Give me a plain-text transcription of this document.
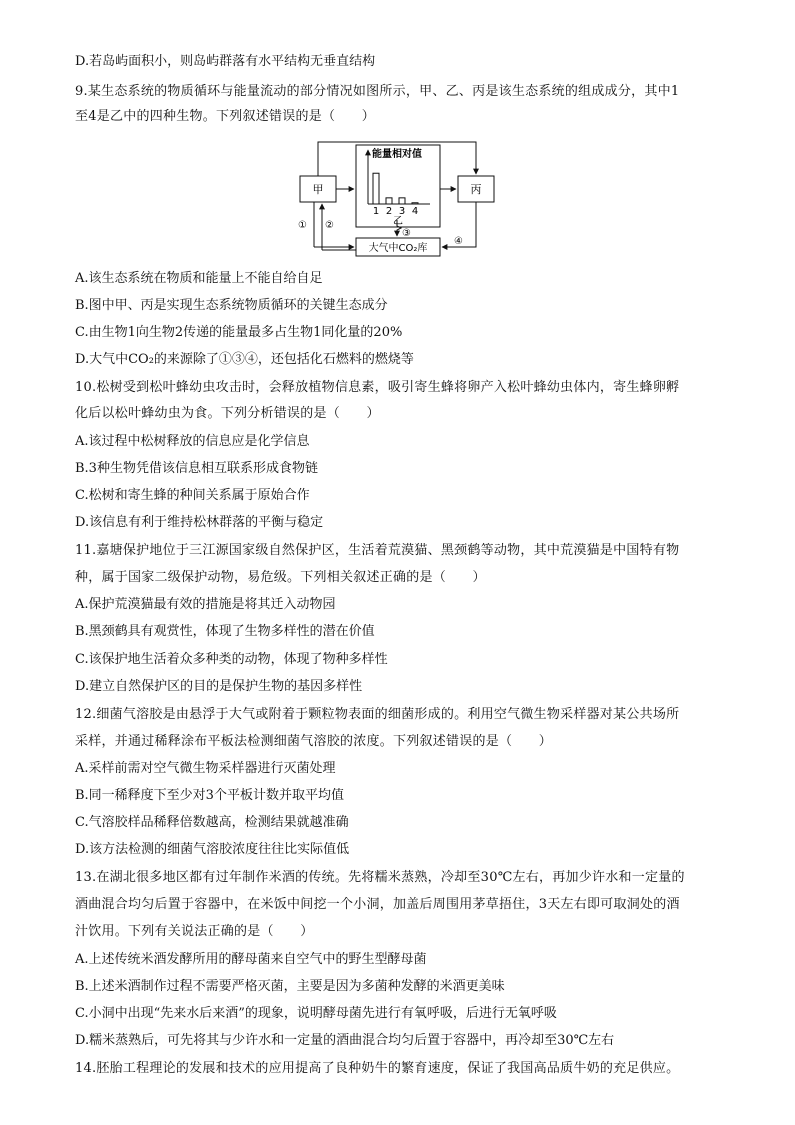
D.若岛屿面积小，则岛屿群落有水平结构无垂直结构
9.某生态系统的物质循环与能量流动的部分情况如图所示，甲、乙、丙是该生态系统的组成成分，其中1
至4是乙中的四种生物。下列叙述错误的是（　　）
甲	丙
大气中CO₂库
① ②
③
④
能量相对值
1 2 3 4
乙
A.该生态系统在物质和能量上不能自给自足
B.图中甲、丙是实现生态系统物质循环的关键生态成分
C.由生物1向生物2传递的能量最多占生物1同化量的20%
D.大气中CO₂的来源除了①③④，还包括化石燃料的燃烧等
10.松树受到松叶蜂幼虫攻击时，会释放植物信息素，吸引寄生蜂将卵产入松叶蜂幼虫体内，寄生蜂卵孵
化后以松叶蜂幼虫为食。下列分析错误的是（　　）
A.该过程中松树释放的信息应是化学信息
B.3种生物凭借该信息相互联系形成食物链
C.松树和寄生蜂的种间关系属于原始合作
D.该信息有利于维持松林群落的平衡与稳定
11.嘉塘保护地位于三江源国家级自然保护区，生活着荒漠猫、黑颈鹤等动物，其中荒漠猫是中国特有物
种，属于国家二级保护动物，易危级。下列相关叙述正确的是（　　）
A.保护荒漠猫最有效的措施是将其迁入动物园
B.黑颈鹤具有观赏性，体现了生物多样性的潜在价值
C.该保护地生活着众多种类的动物，体现了物种多样性
D.建立自然保护区的目的是保护生物的基因多样性
12.细菌气溶胶是由悬浮于大气或附着于颗粒物表面的细菌形成的。利用空气微生物采样器对某公共场所
采样，并通过稀释涂布平板法检测细菌气溶胶的浓度。下列叙述错误的是（　　）
A.采样前需对空气微生物采样器进行灭菌处理
B.同一稀释度下至少对3个平板计数并取平均值
C.气溶胶样品稀释倍数越高，检测结果就越准确
D.该方法检测的细菌气溶胶浓度往往比实际值低
13.在湖北很多地区都有过年制作米酒的传统。先将糯米蒸熟，冷却至30℃左右，再加少许水和一定量的
酒曲混合均匀后置于容器中，在米饭中间挖一个小洞，加盖后周围用茅草捂住，3天左右即可取洞处的酒
汁饮用。下列有关说法正确的是（　　）
A.上述传统米酒发酵所用的酵母菌来自空气中的野生型酵母菌
B.上述米酒制作过程不需要严格灭菌，主要是因为多菌种发酵的米酒更美味
C.小洞中出现“先来水后来酒”的现象，说明酵母菌先进行有氧呼吸，后进行无氧呼吸
D.糯米蒸熟后，可先将其与少许水和一定量的酒曲混合均匀后置于容器中，再冷却至30℃左右
14.胚胎工程理论的发展和技术的应用提高了良种奶牛的繁育速度，保证了我国高品质牛奶的充足供应。
